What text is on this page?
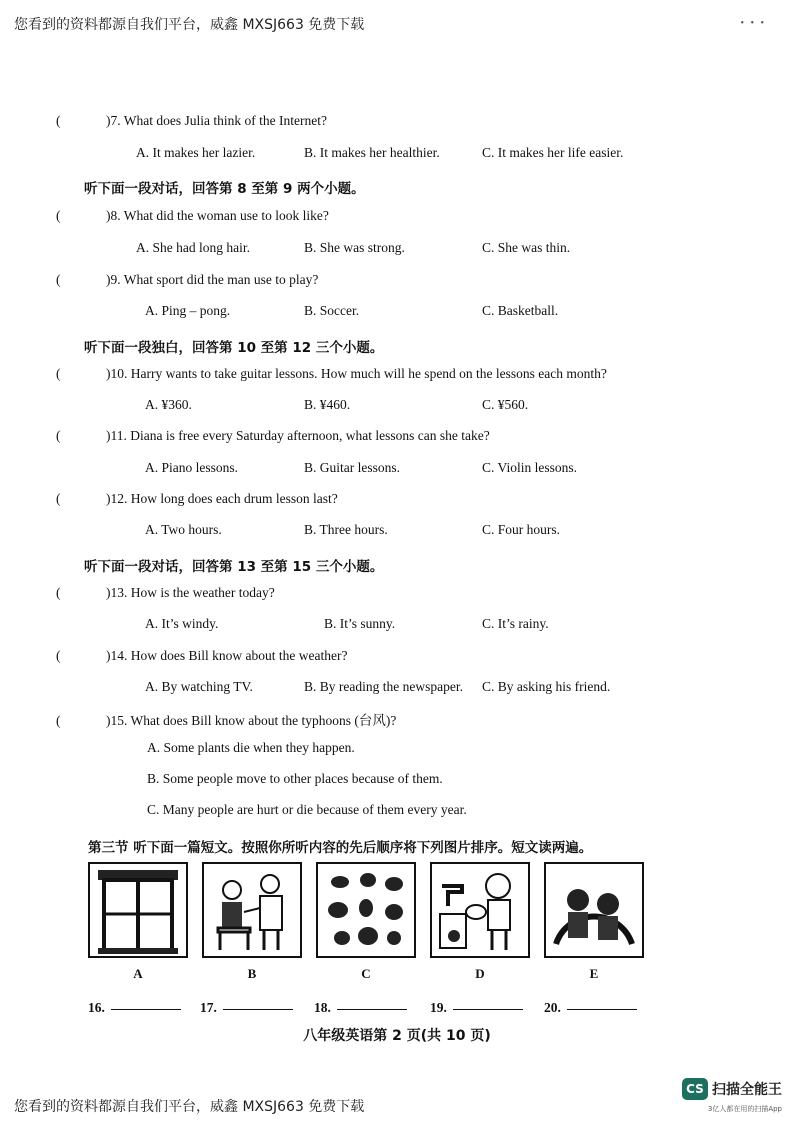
您看到的资料都源自我们平台，威鑫 MXSJ663 免费下载	• • •
(	)7. What does Julia think of the Internet?
A. It makes her lazier.	B. It makes her healthier.	C. It makes her life easier.
听下面一段对话，回答第 8 至第 9 两个小题。
(	)8. What did the woman use to look like?
A. She had long hair.	B. She was strong.	C. She was thin.
(	)9. What sport did the man use to play?
A. Ping – pong.	B. Soccer.	C. Basketball.
听下面一段独白，回答第 10 至第 12 三个小题。
(	)10. Harry wants to take guitar lessons. How much will he spend on the lessons each month?
A. ¥360.	B. ¥460.	C. ¥560.
(	)11. Diana is free every Saturday afternoon, what lessons can she take?
A. Piano lessons.	B. Guitar lessons.	C. Violin lessons.
(	)12. How long does each drum lesson last?
A. Two hours.	B. Three hours.	C. Four hours.
听下面一段对话，回答第 13 至第 15 三个小题。
(	)13. How is the weather today?
A. It’s windy.	B. It’s sunny.	C. It’s rainy.
(	)14. How does Bill know about the weather?
A. By watching TV.	B. By reading the newspaper. C. By asking his friend.
(	)15. What does Bill know about the typhoons (台风)?
A. Some plants die when they happen.
B. Some people move to other places because of them.
C. Many people are hurt or die because of them every year.
第三节 听下面一篇短文。按照你所听内容的先后顺序将下列图片排序。短文读两遍。
A	B	C	D	E
16.	17.	18.	19.	20.
八年级英语第 2 页(共 10 页)
您看到的资料都源自我们平台，威鑫 MXSJ663 免费下载
CS 扫描全能王
3亿人都在用的扫描App
